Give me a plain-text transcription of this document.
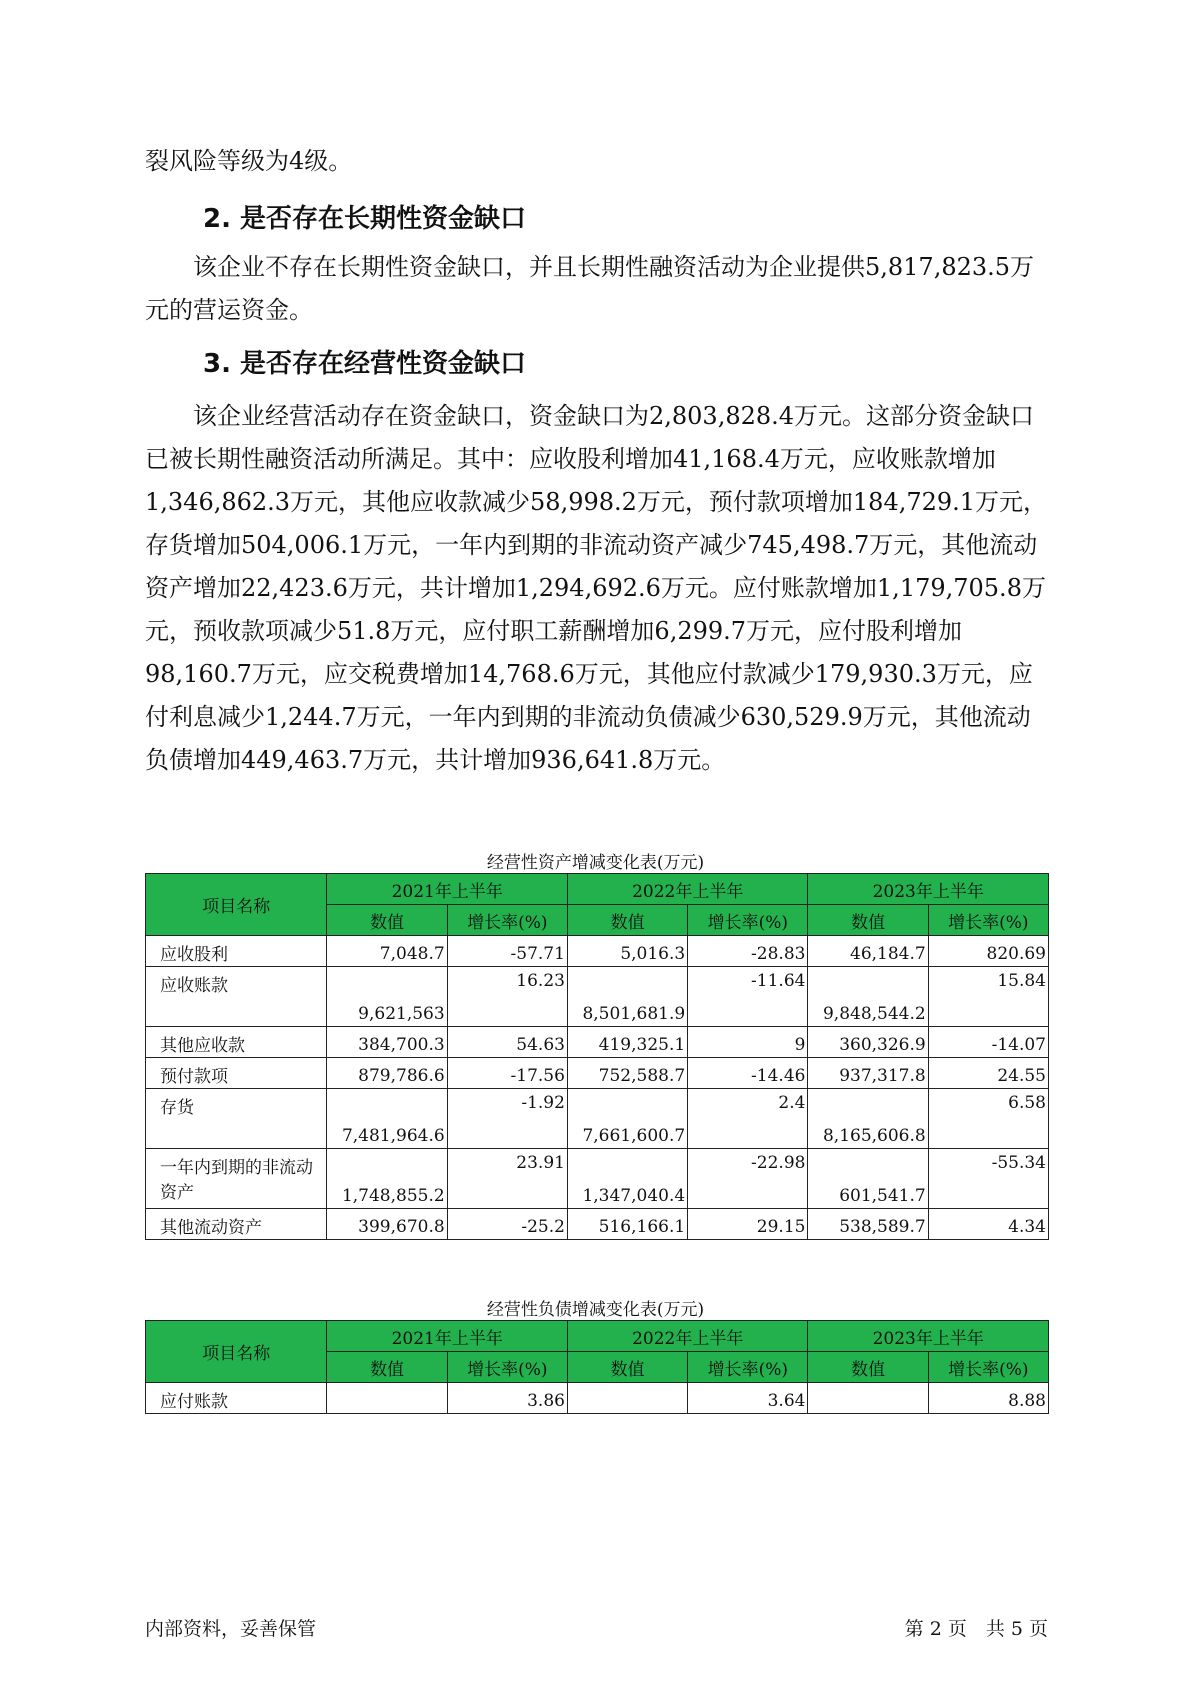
裂风险等级为4级。

2. 是否存在长期性资金缺口

该企业不存在长期性资金缺口，并且长期性融资活动为企业提供5,817,823.5万元的营运资金。

3. 是否存在经营性资金缺口

该企业经营活动存在资金缺口，资金缺口为2,803,828.4万元。这部分资金缺口已被长期性融资活动所满足。其中：应收股利增加41,168.4万元，应收账款增加1,346,862.3万元，其他应收款减少58,998.2万元，预付款项增加184,729.1万元，存货增加504,006.1万元，一年内到期的非流动资产减少745,498.7万元，其他流动资产增加22,423.6万元，共计增加1,294,692.6万元。应付账款增加1,179,705.8万元，预收款项减少51.8万元，应付职工薪酬增加6,299.7万元，应付股利增加98,160.7万元，应交税费增加14,768.6万元，其他应付款减少179,930.3万元，应付利息减少1,244.7万元，一年内到期的非流动负债减少630,529.9万元，其他流动负债增加449,463.7万元，共计增加936,641.8万元。

经营性资产增减变化表(万元)

项目名称	2021年上半年		2022年上半年		2023年上半年	
	数值	增长率(%)	数值	增长率(%)	数值	增长率(%)
应收股利	7,048.7	-57.71	5,016.3	-28.83	46,184.7	820.69
应收账款	9,621,563	16.23	8,501,681.9	-11.64	9,848,544.2	15.84
其他应收款	384,700.3	54.63	419,325.1	9	360,326.9	-14.07
预付款项	879,786.6	-17.56	752,588.7	-14.46	937,317.8	24.55
存货	7,481,964.6	-1.92	7,661,600.7	2.4	8,165,606.8	6.58
一年内到期的非流动资产	1,748,855.2	23.91	1,347,040.4	-22.98	601,541.7	-55.34
其他流动资产	399,670.8	-25.2	516,166.1	29.15	538,589.7	4.34

经营性负债增减变化表(万元)

项目名称	2021年上半年		2022年上半年		2023年上半年	
	数值	增长率(%)	数值	增长率(%)	数值	增长率(%)
应付账款		3.86		3.64		8.88

内部资料，妥善保管	第 2 页　共 5 页
